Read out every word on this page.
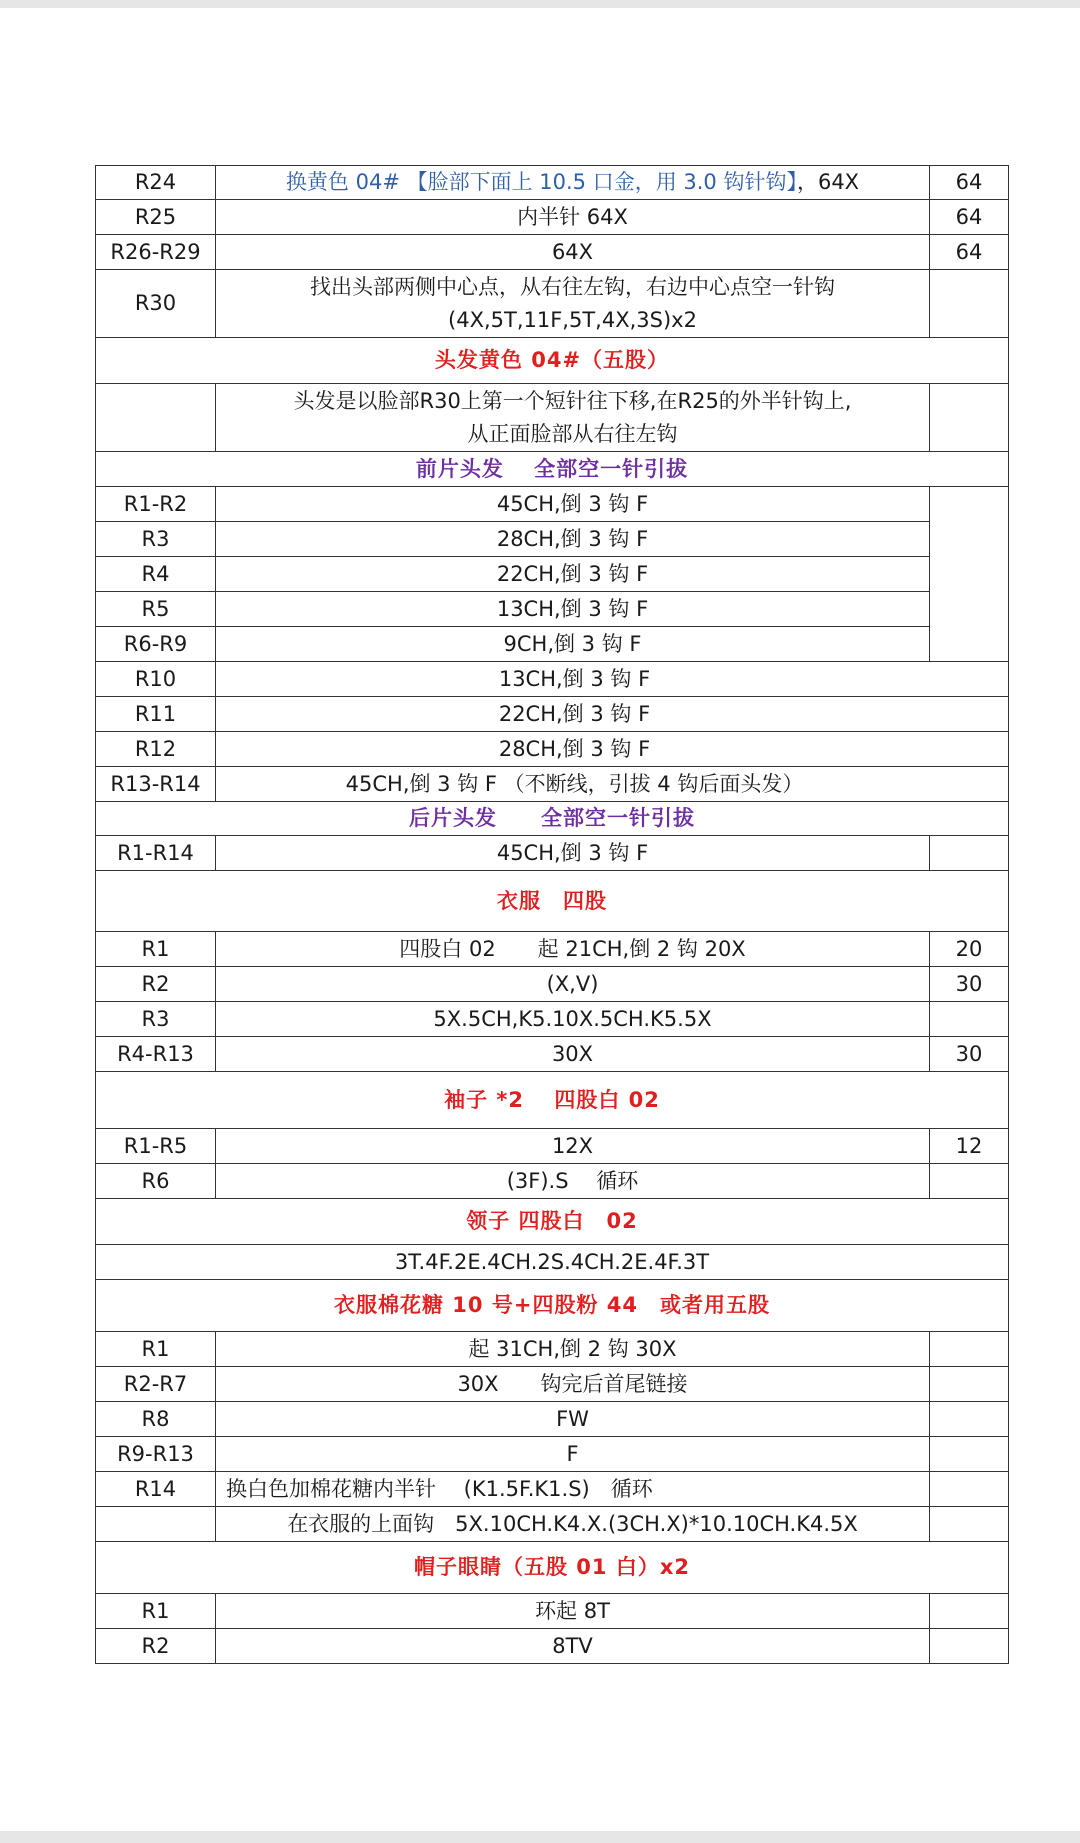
R24	换黄色 04# 【脸部下面上 10.5 口金，用 3.0 钩针钩】，64X	64
R25	内半针 64X	64
R26-R29	64X	64
R30	找出头部两侧中心点，从右往左钩，右边中心点空一针钩
(4X,5T,11F,5T,4X,3S)x2	

头发黄色 04#（五股）		

	头发是以脸部R30上第一个短针往下移,在R25的外半针钩上,
从正面脸部从右往左钩	

前片头发　 全部空一针引拔		
R1-R2	45CH,倒 3 钩 F	
R3	28CH,倒 3 钩 F	
R4	22CH,倒 3 钩 F	
R5	13CH,倒 3 钩 F	
R6-R9	9CH,倒 3 钩 F	
R10	13CH,倒 3 钩 F	
R11	22CH,倒 3 钩 F	
R12	28CH,倒 3 钩 F	
R13-R14	45CH,倒 3 钩 F （不断线，引拔 4 钩后面头发）	
后片头发　　全部空一针引拔		
R1-R14	45CH,倒 3 钩 F	
衣服　四股		
R1	四股白 02　　起 21CH,倒 2 钩 20X	20
R2	(X,V)	30
R3	5X.5CH,K5.10X.5CH.K5.5X	
R4-R13	30X	30
袖子 *2　 四股白 02		
R1-R5	12X	12
R6	(3F).S　 循环	
领子 四股白　02		
3T.4F.2E.4CH.2S.4CH.2E.4F.3T		
衣服棉花糖 10 号+四股粉 44　或者用五股		
R1	起 31CH,倒 2 钩 30X	
R2-R7	30X　　钩完后首尾链接	
R8	FW	
R9-R13	F	
R14	换白色加棉花糖内半针　 (K1.5F.K1.S)　循环	
	在衣服的上面钩　5X.10CH.K4.X.(3CH.X)*10.10CH.K4.5X	
帽子眼睛（五股 01 白）x2		
R1	环起 8T	
R2	8TV	
